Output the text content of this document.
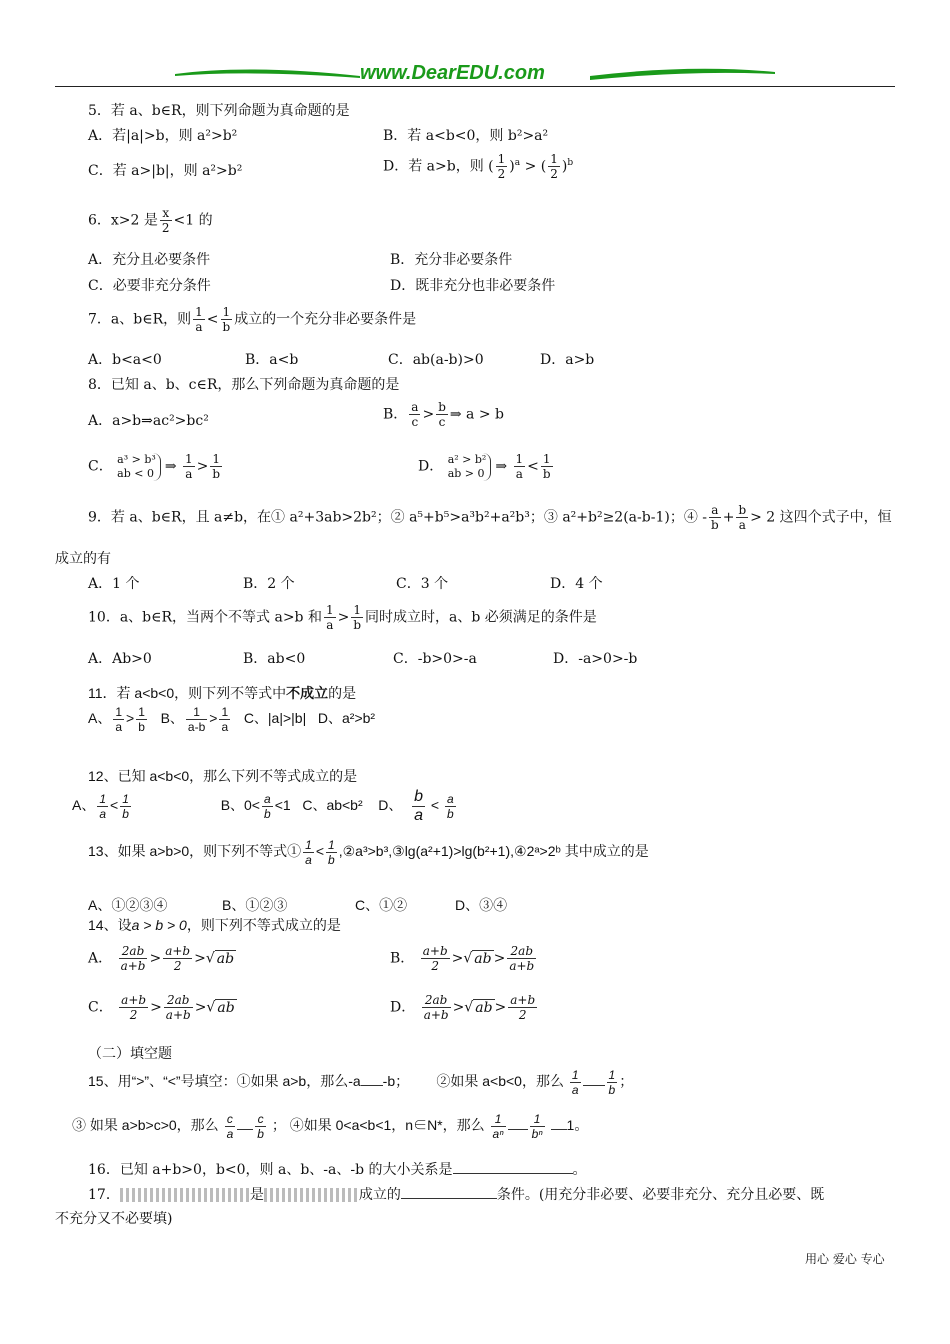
www.DearEDU.com
5．若 a、b∈R，则下列命题为真命题的是
A．若|a|>b，则 a²>b²	B．若 a<b<0，则 b²>a²
C．若 a>|b|，则 a²>b²	D．若 a>b，则 ( $\frac{1}{2} )^a$ > ( $\frac{1}{2} )^b$
6．x>2 是 $\frac{x}{2} <1$ 的
A．充分且必要条件	B．充分非必要条件
C．必要非充分条件	D．既非充分也非必要条件
7．a、b∈R，则 $\frac{1}{a} < \frac{1}{b}$ 成立的一个充分非必要条件是
A．b<a<0	B．a<b	C．ab(a-b)>0	D．a>b
8．已知 a、b、c∈R，那么下列命题为真命题的是
A．a>b⇒ac²>bc²	B． $\frac{a}{c} > \frac{b}{c}$ ⇒ a > b
C． a³ > b³
ab < 0 ⇒ $\frac{1}{a} > \frac{1}{b}$	D． a² > b²
ab > 0 ⇒ $\frac{1}{a} < \frac{1}{b}$
9．若 a、b∈R，且 a≠b，在① a²+3ab>2b²；② a⁵+b⁵>a³b²+a²b³；③ a²+b²≥2(a-b-1)；④ - $\frac{a}{b} + \frac{b}{a} > 2$ 这四个式子中，恒
成立的有
A．1 个	B．2 个	C．3 个	D．4 个
10．a、b∈R，当两个不等式 a>b 和 $\frac{1}{a} > \frac{1}{b}$ 同时成立时，a、b 必须满足的条件是
A．Ab>0	B．ab<0	C．-b>0>-a	D．-a>0>-b
11．若 a<b<0，则下列不等式中不成立的是
A、 $\frac{1}{a} > \frac{1}{b}$ B、 $\frac{1}{a-b} > \frac{1}{a}$ C、|a|>|b| D、a²>b²
12、已知 a<b<0，那么下列不等式成立的是
A、 $\frac{1}{a} < \frac{1}{b}$	B、$0< \frac{a}{b} <1$ C、ab<b² D、 $\frac{b}{a} < \frac{a}{b}$
13、如果 a>b>0，则下列不等式① $\frac{1}{a} < \frac{1}{b}$ ,②a³>b³,③lg(a²+1)>lg(b²+1),④2ᵃ>2ᵇ 其中成立的是
A、①②③④	B、①②③	C、①②	D、③④
14、设a > b > 0，则下列不等式成立的是
A． $\frac{2ab}{a+b} > \frac{a+b}{2}$ >√ ab	B． $\frac{a+b}{2}$ >√ ab > $\frac{2ab}{a+b}$
C． $\frac{a+b}{2} > \frac{2ab}{a+b}$ >√ ab	D． $\frac{2ab}{a+b}$ >√ ab > $\frac{a+b}{2}$
（二）填空题
15、用“>”、“<”号填空：①如果 a>b，那么-a -b； ②如果 a<b<0，那么 $\frac{1}{a} \frac{1}{b}$ ；
③ 如果 a>b>c>0，那么 $\frac{c}{a} \frac{c}{b}$ ； ④如果 0<a<b<1，n∈N*，那么 $\frac{1}{\text{aⁿ}} \frac{1}{\text{bⁿ}} 1$。
16．已知 a+b>0，b<0，则 a、b、-a、-b 的大小关系是	。
17．	是	成立的	条件。(用充分非必要、必要非充分、充分且必要、既
不充分又不必要填)
用心 爱心 专心
